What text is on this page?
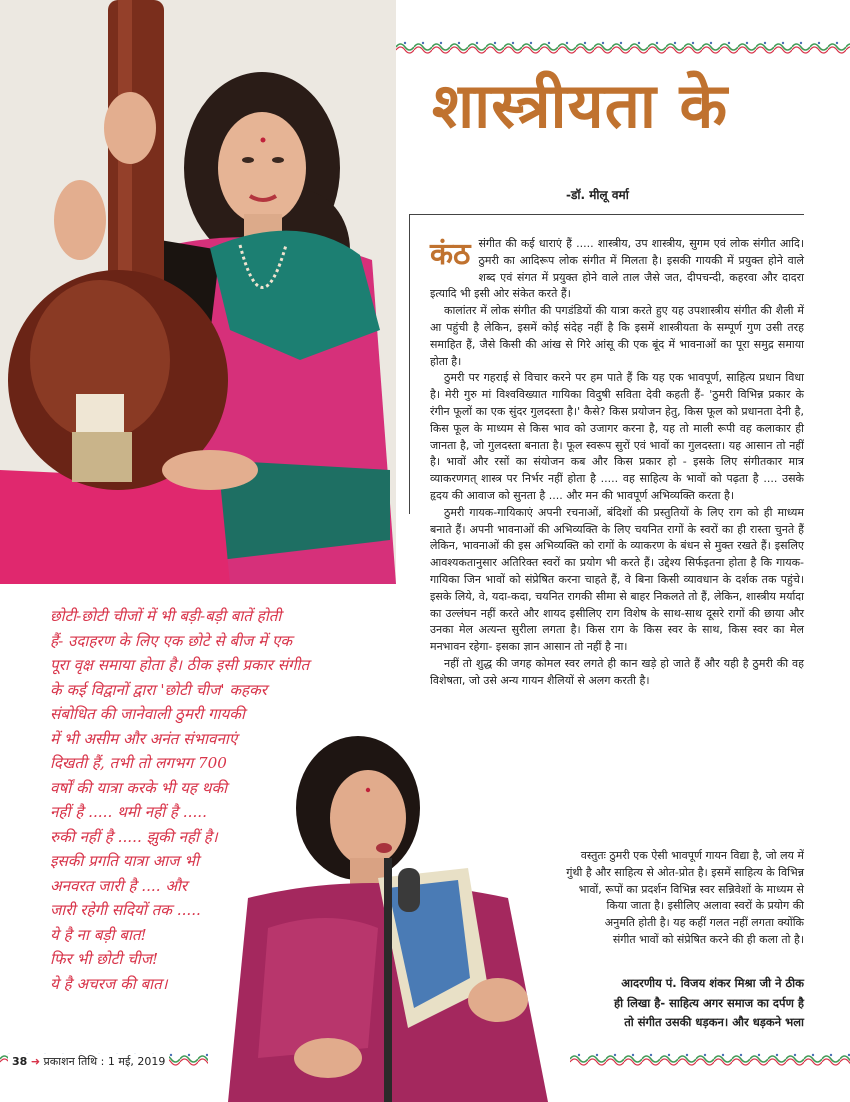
शास्त्रीयता के
-डॉ. मीलू वर्मा

कंठ संगीत की कई धाराएं हैं ..... शास्त्रीय, उप शास्त्रीय, सुगम एवं लोक संगीत आदि। ठुमरी का आदिरूप लोक संगीत में मिलता है। इसकी गायकी में प्रयुक्त होने वाले शब्द एवं संगत में प्रयुक्त होने वाले ताल जैसे जत, दीपचन्दी, कहरवा और दादरा इत्यादि भी इसी ओर संकेत करते हैं।

कालांतर में लोक संगीत की पगडंडियों की यात्रा करते हुए यह उपशास्त्रीय संगीत की शैली में आ पहुंची है लेकिन, इसमें कोई संदेह नहीं है कि इसमें शास्त्रीयता के सम्पूर्ण गुण उसी तरह समाहित हैं, जैसे किसी की आंख से गिरे आंसू की एक बूंद में भावनाओं का पूरा समुद्र समाया होता है।

ठुमरी पर गहराई से विचार करने पर हम पाते हैं कि यह एक भावपूर्ण, साहित्य प्रधान विधा है। मेरी गुरु मां विश्वविख्यात गायिका विदुषी सविता देवी कहती हैं- 'ठुमरी विभिन्न प्रकार के रंगीन फूलों का एक सुंदर गुलदस्ता है।' कैसे? किस प्रयोजन हेतु, किस फूल को प्रधानता देनी है, किस फूल के माध्यम से किस भाव को उजागर करना है, यह तो माली रूपी वह कलाकार ही जानता है, जो गुलदस्ता बनाता है। फूल स्वरूप सुरों एवं भावों का गुलदस्ता। यह आसान तो नहीं है। भावों और रसों का संयोजन कब और किस प्रकार हो - इसके लिए संगीतकार मात्र व्याकरणगत् शास्त्र पर निर्भर नहीं होता है ..... वह साहित्य के भावों को पढ़ता है .... उसके हृदय की आवाज को सुनता है .... और मन की भावपूर्ण अभिव्यक्ति करता है।

ठुमरी गायक-गायिकाएं अपनी रचनाओं, बंदिशों की प्रस्तुतियों के लिए राग को ही माध्यम बनाते हैं। अपनी भावनाओं की अभिव्यक्ति के लिए चयनित रागों के स्वरों का ही रास्ता चुनते हैं लेकिन, भावनाओं की इस अभिव्यक्ति को रागों के व्याकरण के बंधन से मुक्त रखते हैं। इसलिए आवश्यकतानुसार अतिरिक्त स्वरों का प्रयोग भी करते हैं। उद्देश्य सिर्फइतना होता है कि गायक-गायिका जिन भावों को संप्रेषित करना चाहते हैं, वे बिना किसी व्यावधान के दर्शक तक पहुंचे। इसके लिये, वे, यदा-कदा, चयनित रागकी सीमा से बाहर निकलते तो हैं, लेकिन, शास्त्रीय मर्यादा का उल्लंघन नहीं करते और शायद इसीलिए राग विशेष के साथ-साथ दूसरे रागों की छाया और उनका मेल अत्यन्त सुरीला लगता है। किस राग के किस स्वर के साथ, किस स्वर का मेल मनभावन रहेगा- इसका ज्ञान आसान तो नहीं है ना।

नहीं तो शुद्ध की जगह कोमल स्वर लगते ही कान खड़े हो जाते हैं और यही है ठुमरी की वह विशेषता, जो उसे अन्य गायन शैलियों से अलग करती है।

वस्तुतः ठुमरी एक ऐसी भावपूर्ण गायन विद्या है, जो लय में

गुंथी है और साहित्य से ओत-प्रोत है। इसमें साहित्य के विभिन्न

भावों, रूपों का प्रदर्शन विभिन्न स्वर सन्निवेशों के माध्यम से

किया जाता है। इसीलिए अलावा स्वरों के प्रयोग की

अनुमति होती है। यह कहीं गलत नहीं लगता क्योंकि

संगीत भावों को संप्रेषित करने की ही कला तो है।

आदरणीय पं. विजय शंकर मिश्रा जी ने ठीक

ही लिखा है- साहित्य अगर समाज का दर्पण है

तो संगीत उसकी धड़कन। और धड़कने भला

छोटी-छोटी चीजों में भी बड़ी-बड़ी बातें होती
हैं- उदाहरण के लिए एक छोटे से बीज में एक
पूरा वृक्ष समाया होता है। ठीक इसी प्रकार संगीत
के कई विद्वानों द्वारा 'छोटी चीज' कहकर
संबोधित की जानेवाली ठुमरी गायकी
में भी असीम और अनंत संभावनाएं
दिखती हैं, तभी तो लगभग 700
वर्षों की यात्रा करके भी यह थकी
नहीं है ..... थमी नहीं है .....
रुकी नहीं है ..... झुकी नहीं है।
इसकी प्रगति यात्रा आज भी
अनवरत जारी है .... और
जारी रहेगी सदियों तक .....
ये है ना बड़ी बात!
फिर भी छोटी चीज!
ये है अचरज की बात।
38 ➜ प्रकाशन तिथि : 1 मई, 2019
